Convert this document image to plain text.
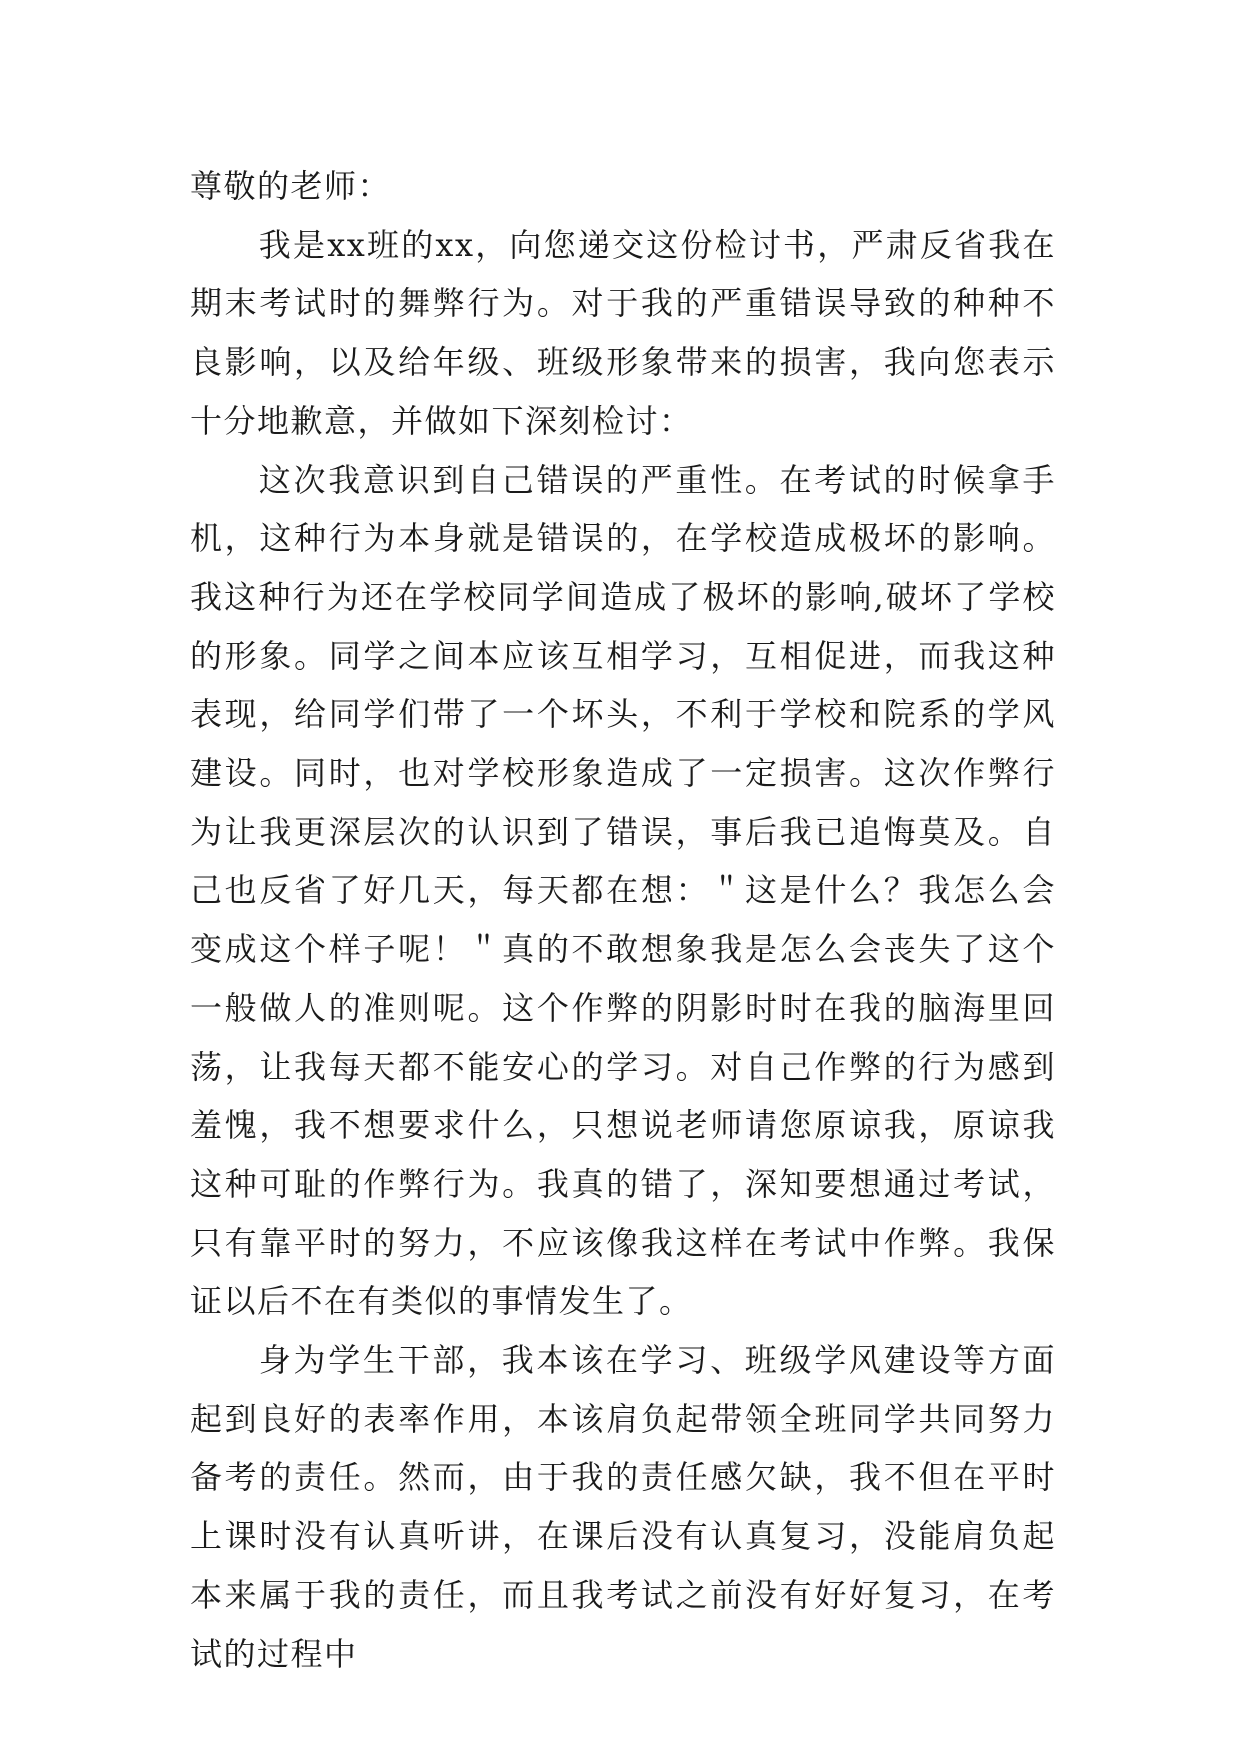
尊敬的老师：

我是xx班的xx，向您递交这份检讨书，严肃反省我在期末考试时的舞弊行为。对于我的严重错误导致的种种不良影响，以及给年级、班级形象带来的损害，我向您表示十分地歉意，并做如下深刻检讨：

这次我意识到自己错误的严重性。在考试的时候拿手机，这种行为本身就是错误的，在学校造成极坏的影响。我这种行为还在学校同学间造成了极坏的影响,破坏了学校的形象。同学之间本应该互相学习，互相促进，而我这种表现，给同学们带了一个坏头，不利于学校和院系的学风建设。同时，也对学校形象造成了一定损害。这次作弊行为让我更深层次的认识到了错误，事后我已追悔莫及。自己也反省了好几天，每天都在想：＂这是什么？我怎么会变成这个样子呢！＂真的不敢想象我是怎么会丧失了这个一般做人的准则呢。这个作弊的阴影时时在我的脑海里回荡，让我每天都不能安心的学习。对自己作弊的行为感到羞愧，我不想要求什么，只想说老师请您原谅我，原谅我这种可耻的作弊行为。我真的错了，深知要想通过考试，只有靠平时的努力，不应该像我这样在考试中作弊。我保证以后不在有类似的事情发生了。

身为学生干部，我本该在学习、班级学风建设等方面起到良好的表率作用，本该肩负起带领全班同学共同努力备考的责任。然而，由于我的责任感欠缺，我不但在平时上课时没有认真听讲，在课后没有认真复习，没能肩负起本来属于我的责任，而且我考试之前没有好好复习，在考试的过程中
